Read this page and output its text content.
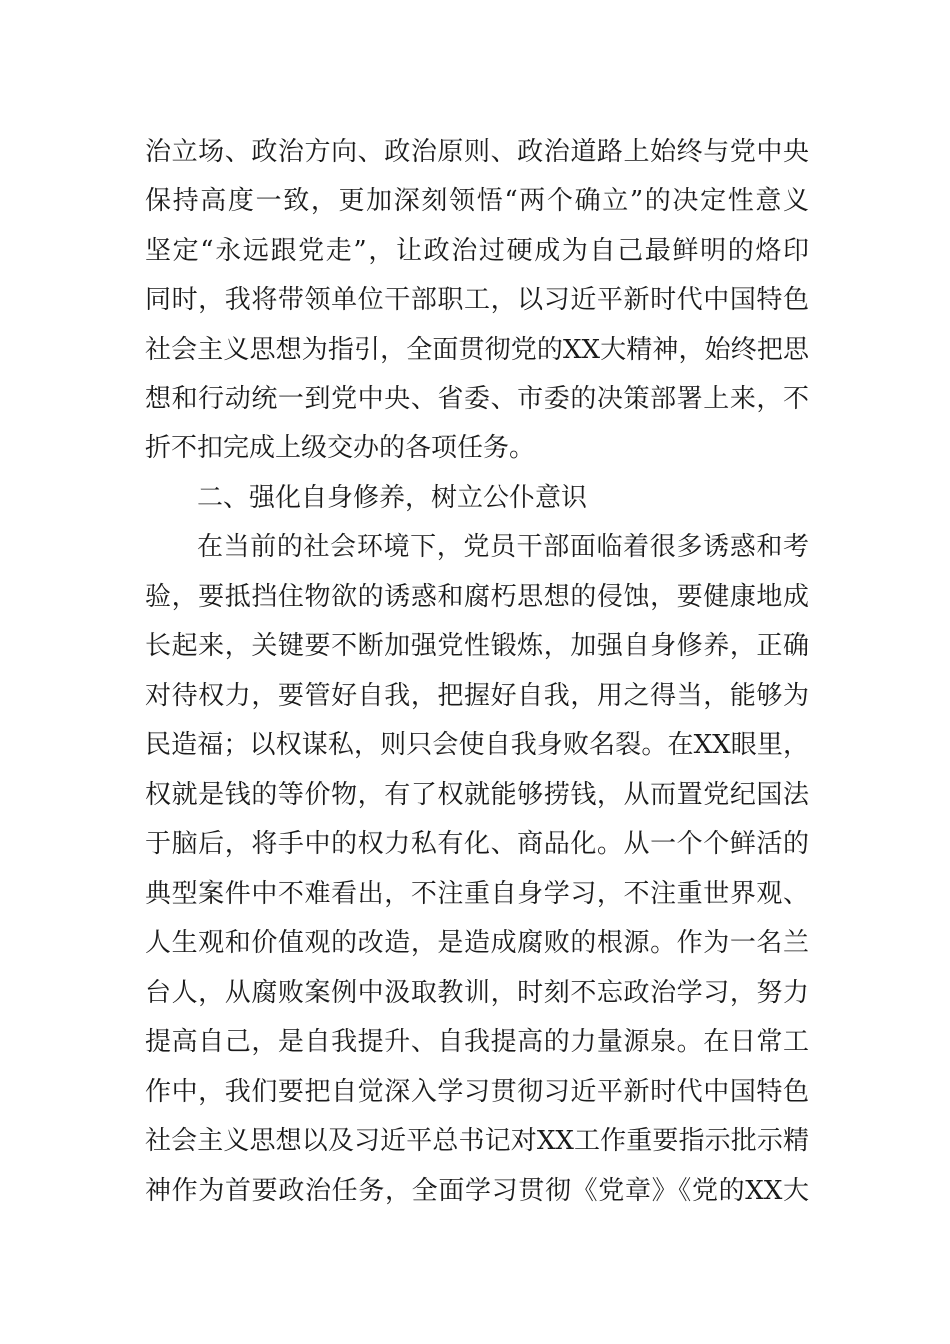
治立场、政治方向、政治原则、政治道路上始终与党中央
保持高度一致，更加深刻领悟“两个确立”的决定性意义
坚定“永远跟党走”，让政治过硬成为自己最鲜明的烙印
同时，我将带领单位干部职工，以习近平新时代中国特色
社会主义思想为指引，全面贯彻党的XX大精神，始终把思
想和行动统一到党中央、省委、市委的决策部署上来，不
折不扣完成上级交办的各项任务。
二、强化自身修养，树立公仆意识
在当前的社会环境下，党员干部面临着很多诱惑和考
验，要抵挡住物欲的诱惑和腐朽思想的侵蚀，要健康地成
长起来，关键要不断加强党性锻炼，加强自身修养，正确
对待权力，要管好自我，把握好自我，用之得当，能够为
民造福；以权谋私，则只会使自我身败名裂。在XX眼里，
权就是钱的等价物，有了权就能够捞钱，从而置党纪国法
于脑后，将手中的权力私有化、商品化。从一个个鲜活的
典型案件中不难看出，不注重自身学习，不注重世界观、
人生观和价值观的改造，是造成腐败的根源。作为一名兰
台人，从腐败案例中汲取教训，时刻不忘政治学习，努力
提高自己，是自我提升、自我提高的力量源泉。在日常工
作中，我们要把自觉深入学习贯彻习近平新时代中国特色
社会主义思想以及习近平总书记对XX工作重要指示批示精
神作为首要政治任务，全面学习贯彻《党章》《党的XX大
